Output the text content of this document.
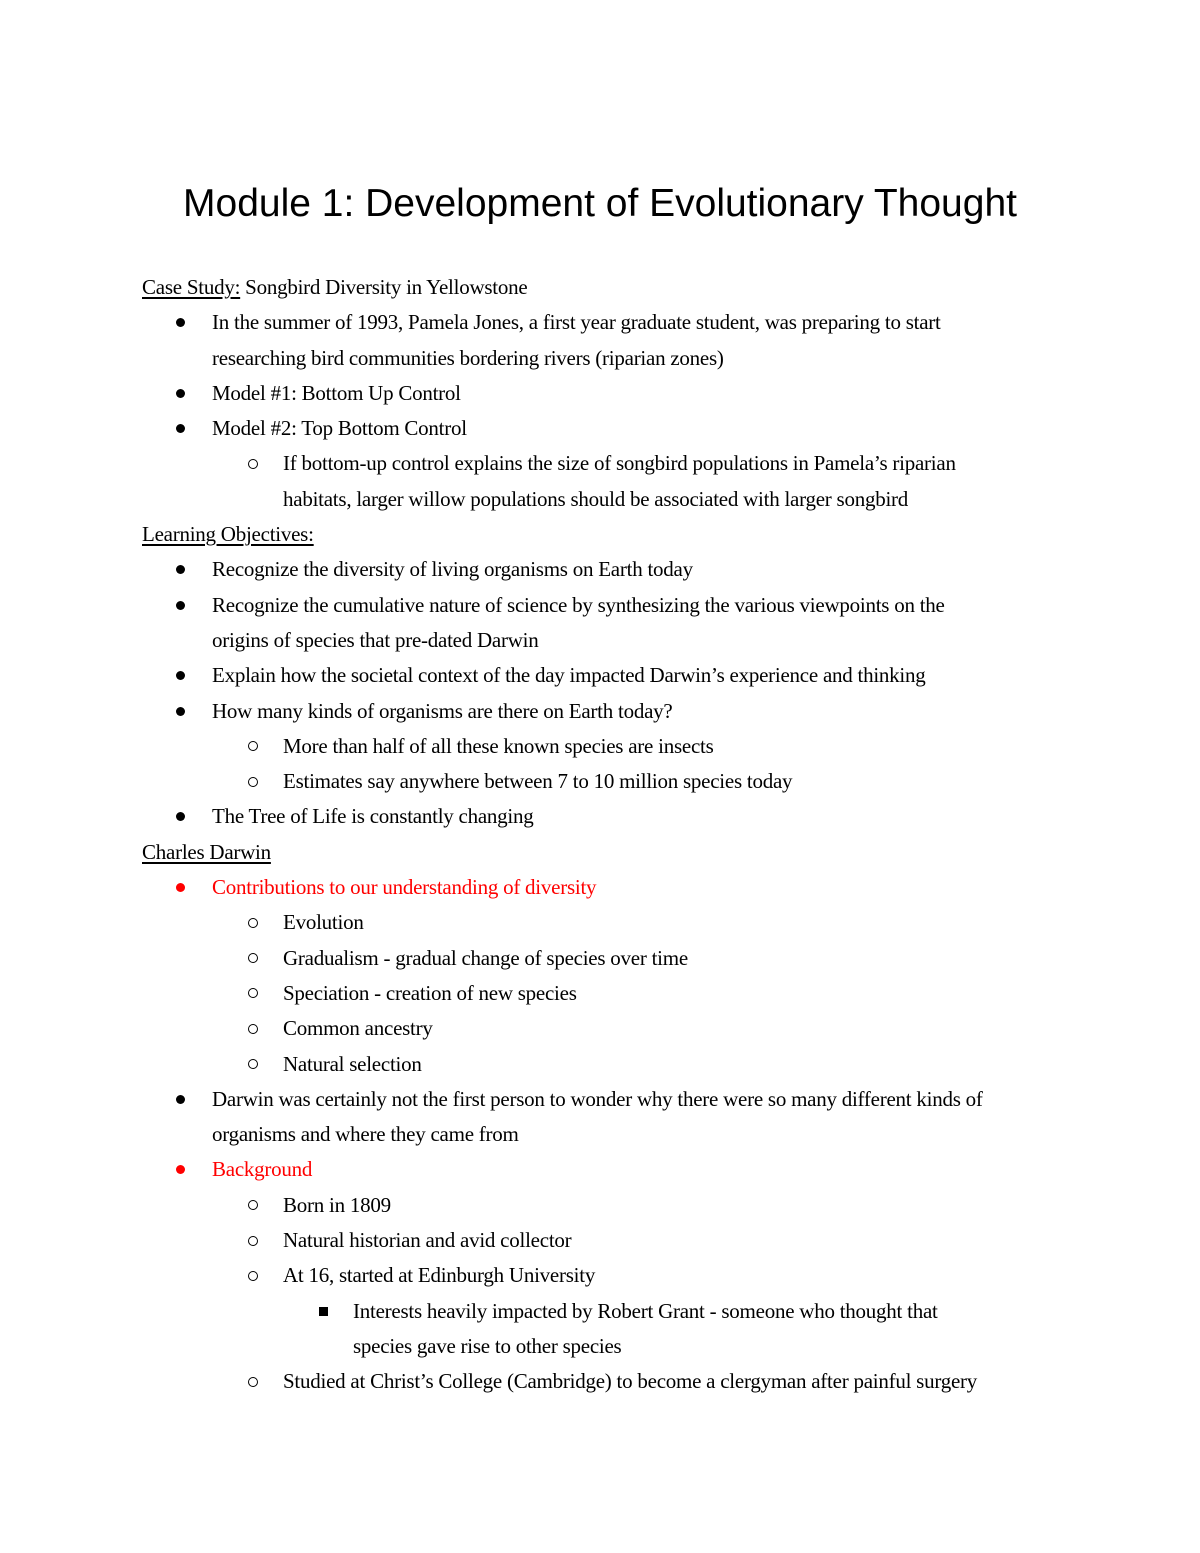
Module 1: Development of Evolutionary Thought
Case Study: Songbird Diversity in Yellowstone
In the summer of 1993, Pamela Jones, a first year graduate student, was preparing to start
researching bird communities bordering rivers (riparian zones)
Model #1: Bottom Up Control
Model #2: Top Bottom Control
If bottom-up control explains the size of songbird populations in Pamela’s riparian
habitats, larger willow populations should be associated with larger songbird
Learning Objectives:
Recognize the diversity of living organisms on Earth today
Recognize the cumulative nature of science by synthesizing the various viewpoints on the
origins of species that pre-dated Darwin
Explain how the societal context of the day impacted Darwin’s experience and thinking
How many kinds of organisms are there on Earth today?
More than half of all these known species are insects
Estimates say anywhere between 7 to 10 million species today
The Tree of Life is constantly changing
Charles Darwin
Contributions to our understanding of diversity
Evolution
Gradualism - gradual change of species over time
Speciation - creation of new species
Common ancestry
Natural selection
Darwin was certainly not the first person to wonder why there were so many different kinds of
organisms and where they came from
Background
Born in 1809
Natural historian and avid collector
At 16, started at Edinburgh University
Interests heavily impacted by Robert Grant - someone who thought that
species gave rise to other species
Studied at Christ’s College (Cambridge) to become a clergyman after painful surgery
